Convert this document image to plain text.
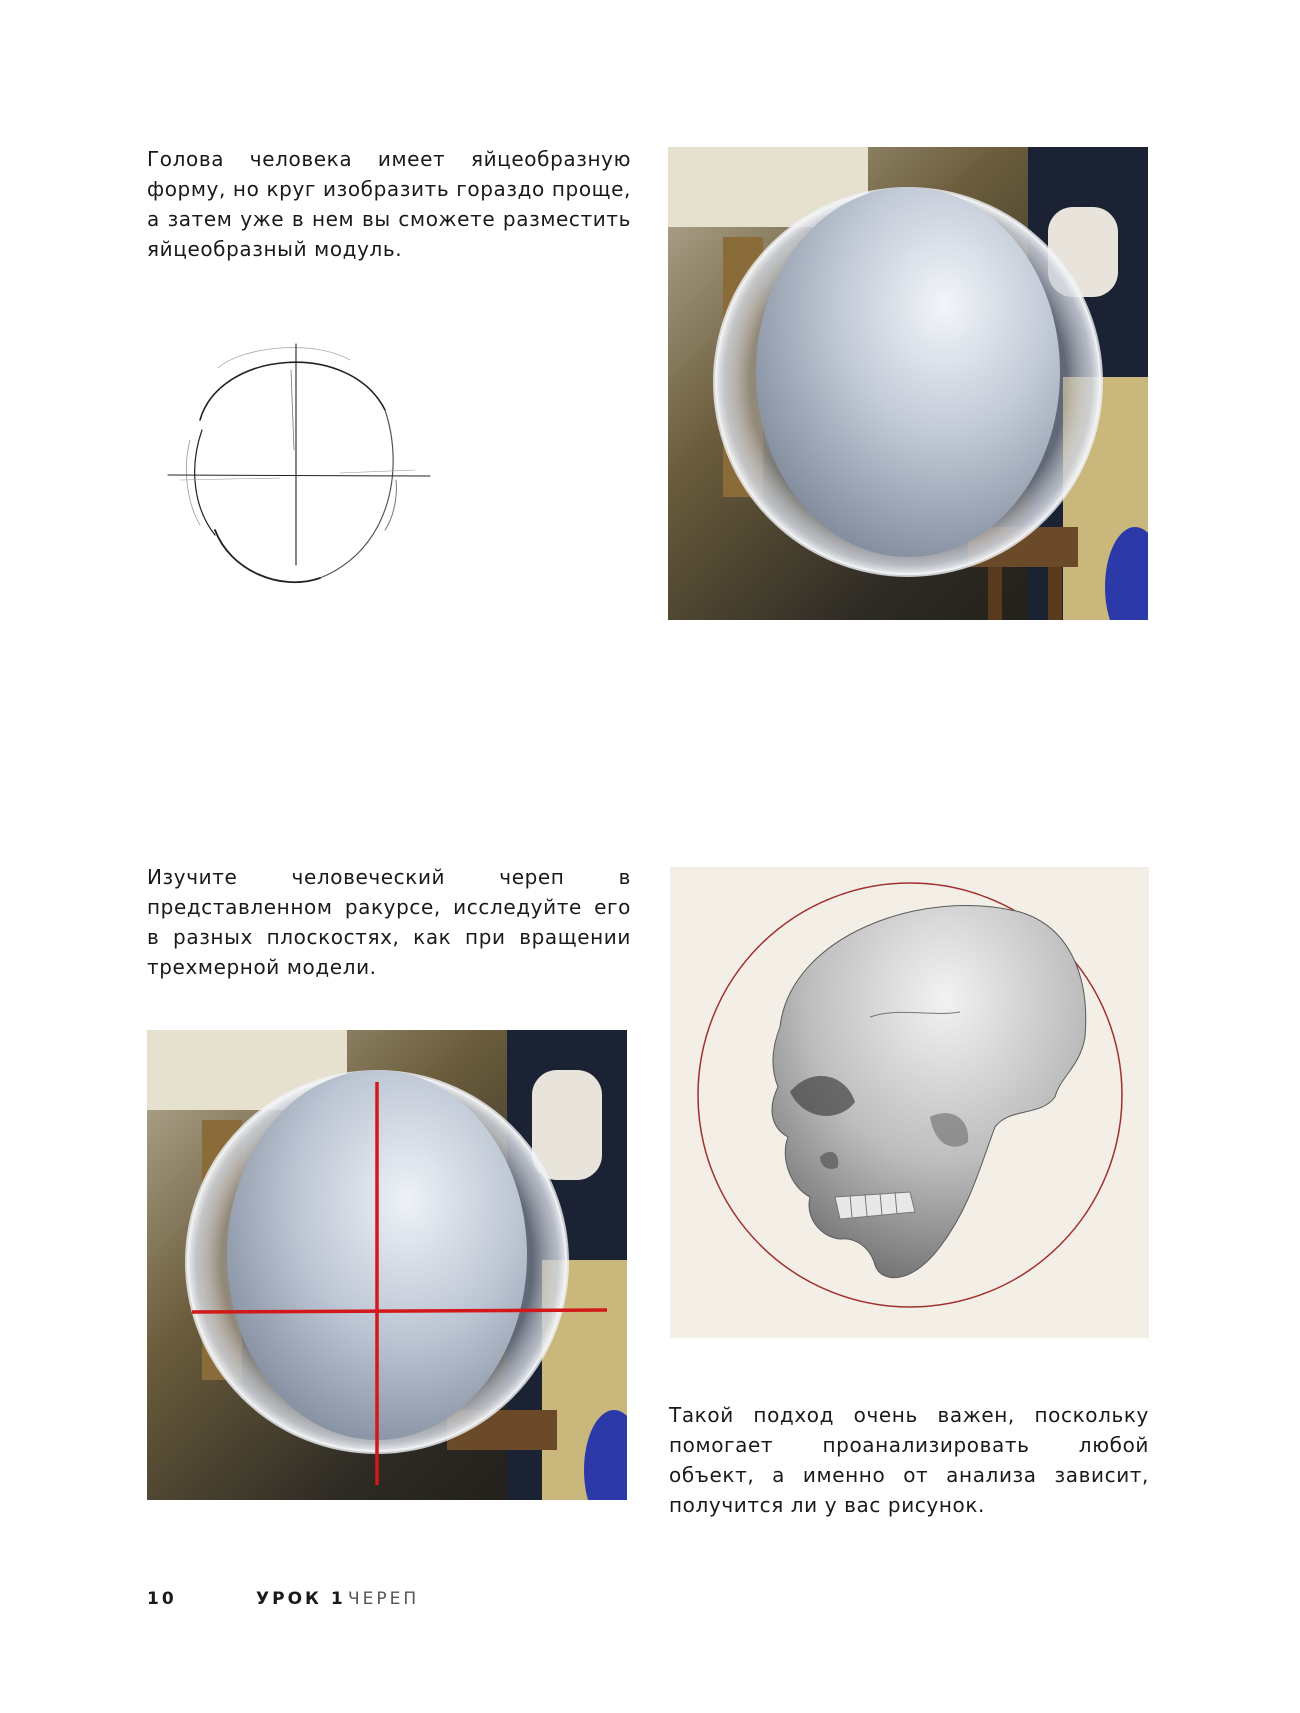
Голова человека имеет яйцеобразную форму, но круг изобразить гораздо проще, а затем уже в нем вы сможете разместить яйцеобразный модуль.

Изучите человеческий череп в представленном ракурсе, исследуйте его в разных плоскостях, как при вращении трехмерной модели.

Такой подход очень важен, поскольку помогает проанализировать любой объект, а именно от анализа зависит, получится ли у вас рисунок.

10	УРОК 1 ЧЕРЕП
